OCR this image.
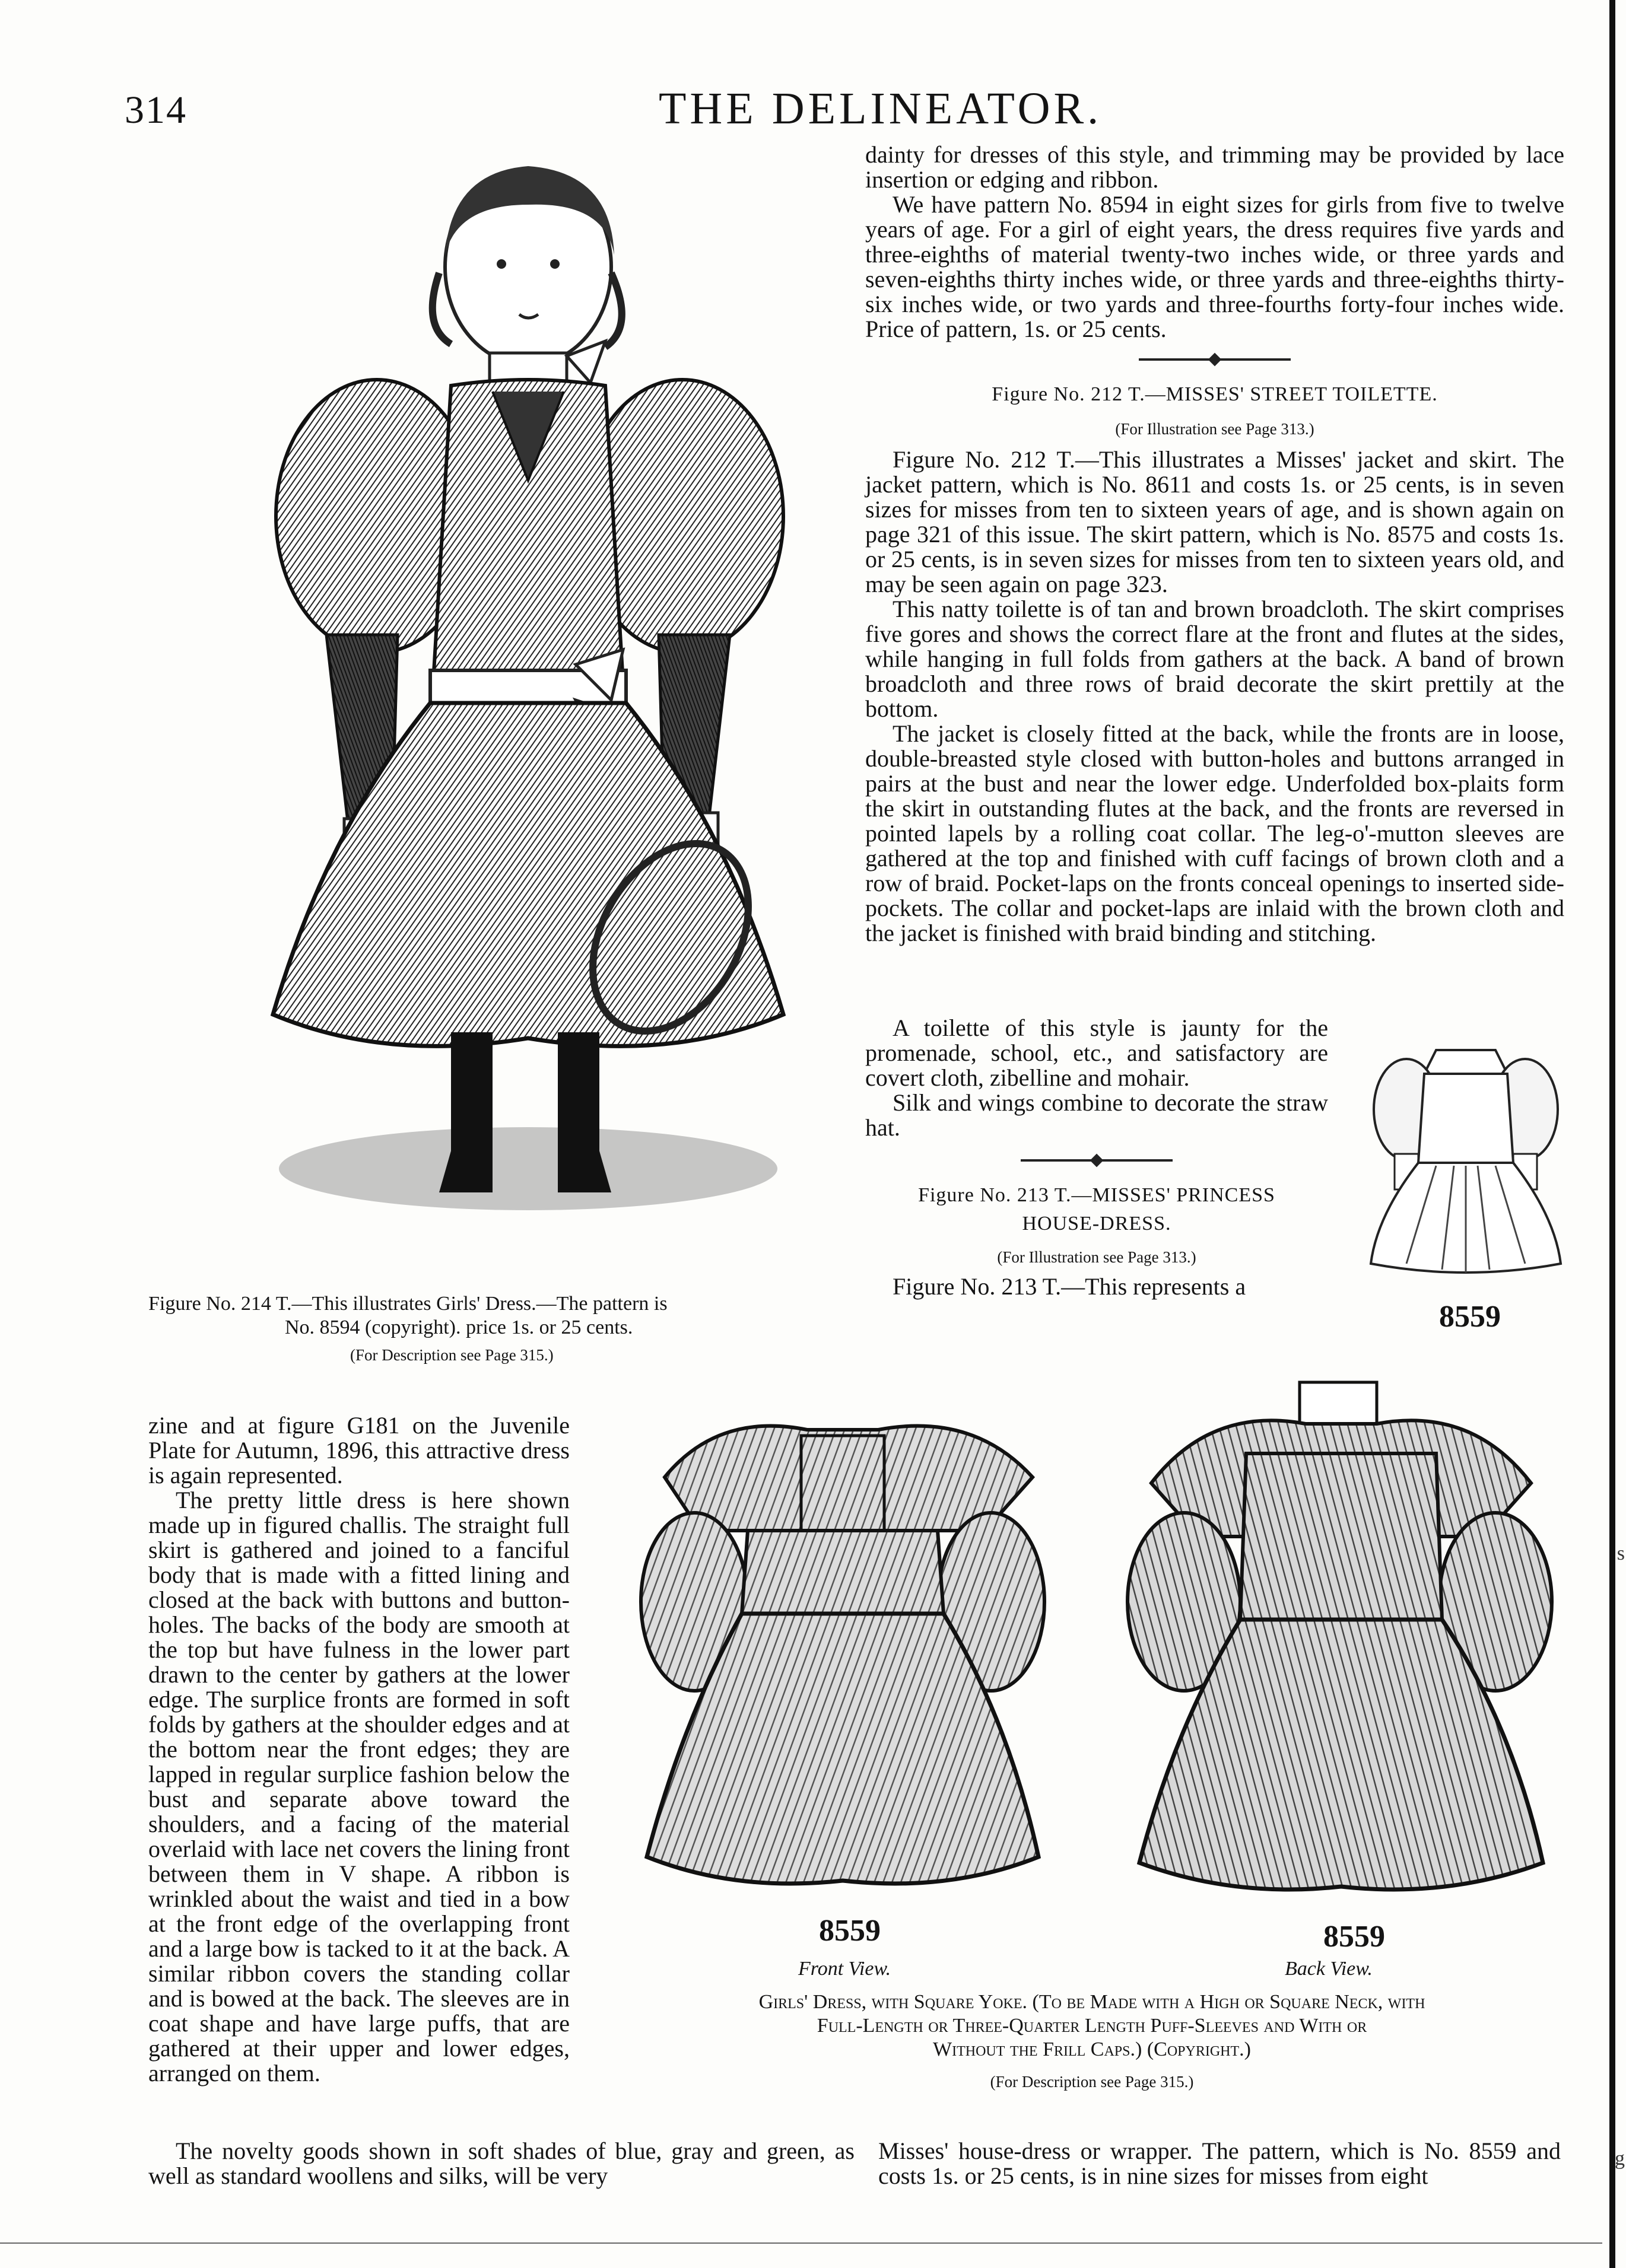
314	THE DELINEATOR.
Figure No. 214 T.—This illustrates Girls' Dress.—The pattern is
No. 8594 (copyright). price 1s. or 25 cents.
(For Description see Page 315.)

dainty for dresses of this style, and trimming may be provided by lace insertion or edging and ribbon.

We have pattern No. 8594 in eight sizes for girls from five to twelve years of age. For a girl of eight years, the dress requires five yards and three-eighths of material twenty-two inches wide, or three yards and seven-eighths thirty inches wide, or three yards and three-eighths thirty-six inches wide, or two yards and three-fourths forty-four inches wide. Price of pattern, 1s. or 25 cents.

Figure No. 212 T.—MISSES' STREET TOILETTE.
(For Illustration see Page 313.)

Figure No. 212 T.—This illustrates a Misses' jacket and skirt. The jacket pattern, which is No. 8611 and costs 1s. or 25 cents, is in seven sizes for misses from ten to sixteen years of age, and is shown again on page 321 of this issue. The skirt pattern, which is No. 8575 and costs 1s. or 25 cents, is in seven sizes for misses from ten to sixteen years old, and may be seen again on page 323.

This natty toilette is of tan and brown broadcloth. The skirt comprises five gores and shows the correct flare at the front and flutes at the sides, while hanging in full folds from gathers at the back. A band of brown broadcloth and three rows of braid decorate the skirt prettily at the bottom.

The jacket is closely fitted at the back, while the fronts are in loose, double-breasted style closed with button-holes and buttons arranged in pairs at the bust and near the lower edge. Underfolded box-plaits form the skirt in outstanding flutes at the back, and the fronts are reversed in pointed lapels by a rolling coat collar. The leg-o'-mutton sleeves are gathered at the top and finished with cuff facings of brown cloth and a row of braid. Pocket-laps on the fronts conceal openings to inserted side-pockets. The collar and pocket-laps are inlaid with the brown cloth and the jacket is finished with braid binding and stitching.

A toilette of this style is jaunty for the promenade, school, etc., and satisfactory are covert cloth, zibelline and mohair.

Silk and wings combine to decorate the straw hat.

Figure No. 213 T.—MISSES' PRINCESS
HOUSE-DRESS.
(For Illustration see Page 313.)

Figure No. 213 T.—This represents a

8559

zine and at figure G181 on the Juvenile Plate for Autumn, 1896, this attractive dress is again represented.

The pretty little dress is here shown made up in figured challis. The straight full skirt is gathered and joined to a fanciful body that is made with a fitted lining and closed at the back with buttons and button-holes. The backs of the body are smooth at the top but have fulness in the lower part drawn to the center by gathers at the lower edge. The surplice fronts are formed in soft folds by gathers at the shoulder edges and at the bottom near the front edges; they are lapped in regular surplice fashion below the bust and separate above toward the shoulders, and a facing of the material overlaid with lace net covers the lining front between them in V shape. A ribbon is wrinkled about the waist and tied in a bow at the front edge of the overlapping front and a large bow is tacked to it at the back. A similar ribbon covers the standing collar and is bowed at the back. The sleeves are in coat shape and have large puffs, that are gathered at their upper and lower edges, arranged on them.

8559
Front View.
8559
Back View.
Girls' Dress, with Square Yoke. (To be Made with a High or Square Neck, with
Full-Length or Three-Quarter Length Puff-Sleeves and With or
Without the Frill Caps.) (Copyright.)
(For Description see Page 315.)

The novelty goods shown in soft shades of blue, gray and green, as well as standard woollens and silks, will be very

Misses' house-dress or wrapper. The pattern, which is No. 8559 and costs 1s. or 25 cents, is in nine sizes for misses from eight

s
g
